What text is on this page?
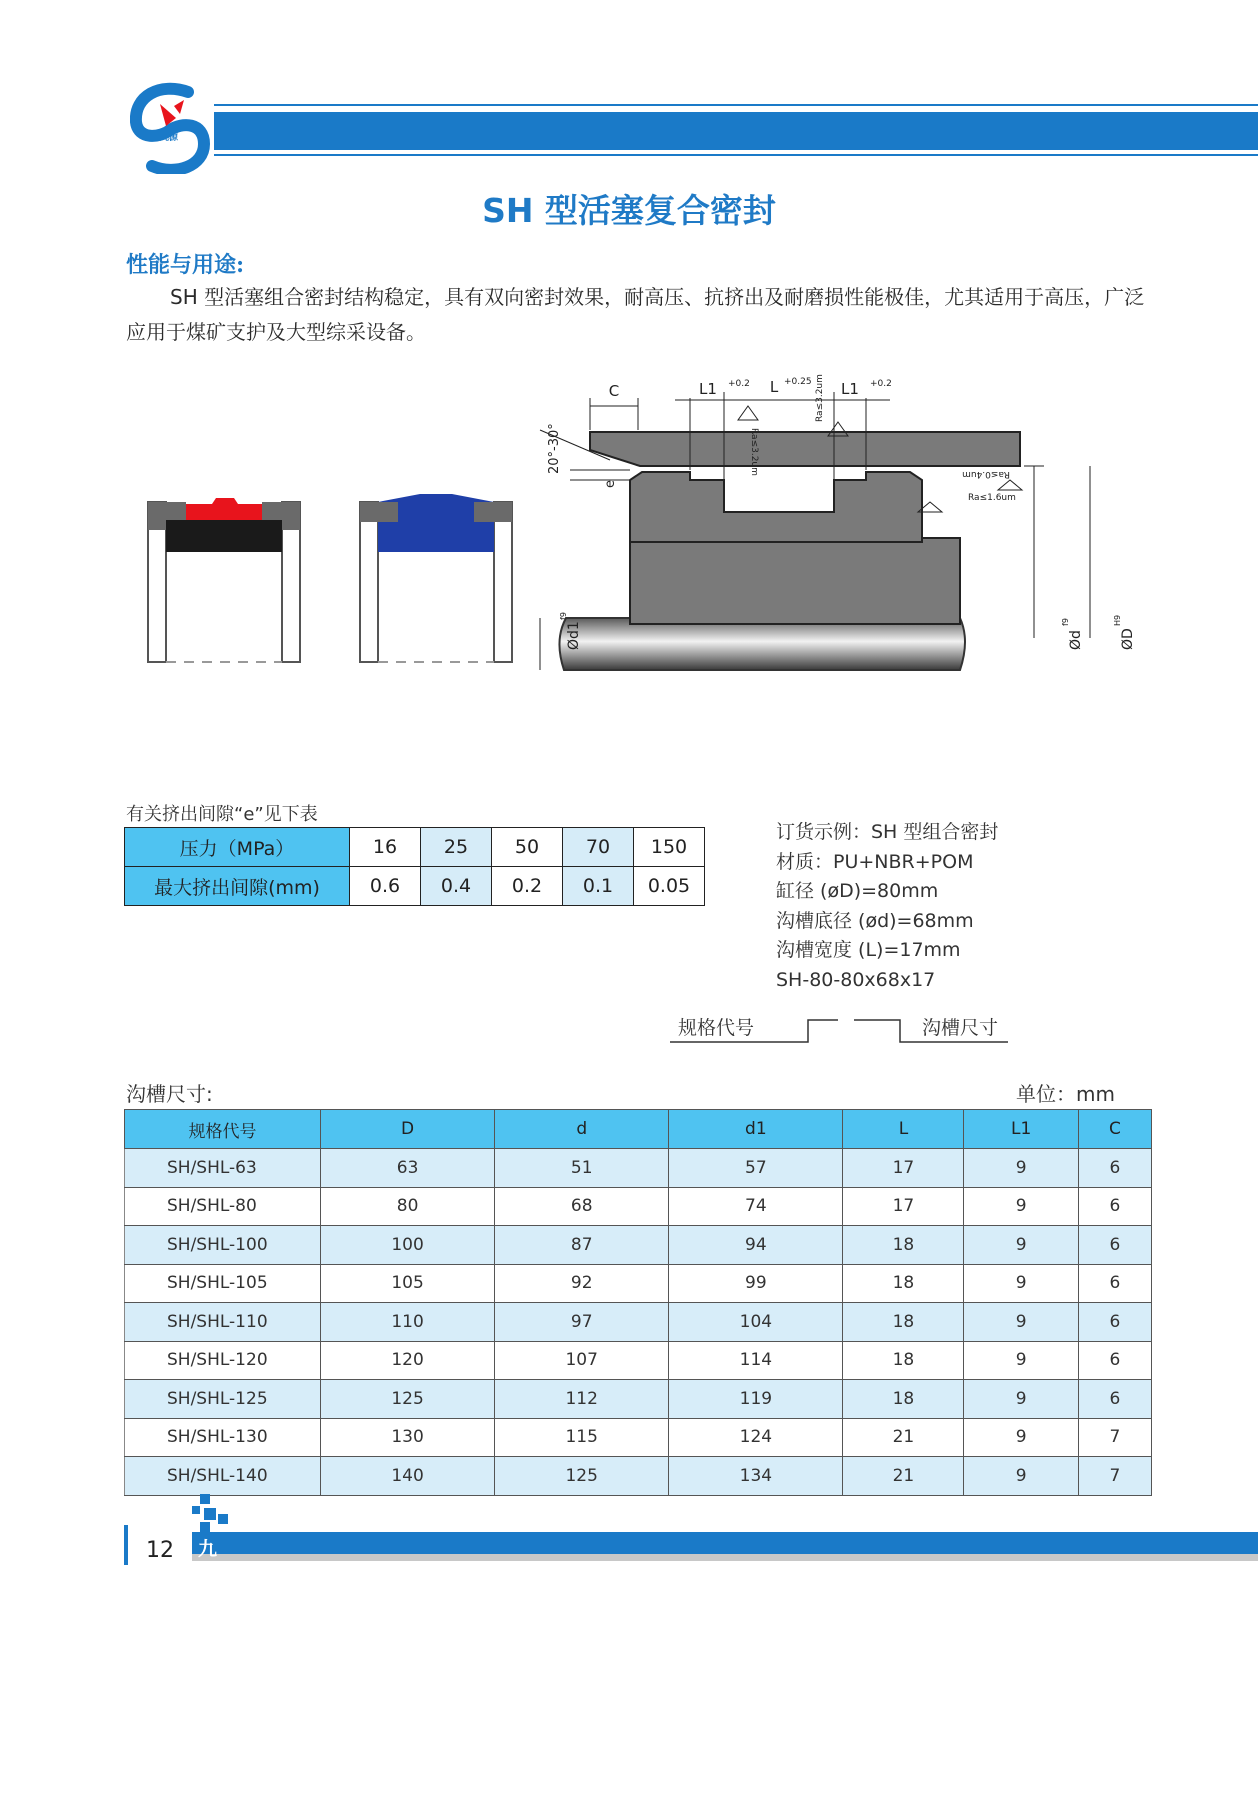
九源
SH 型活塞复合密封
性能与用途:
SH 型活塞组合密封结构稳定，具有双向密封效果，耐高压、抗挤出及耐磨损性能极佳，尤其适用于高压，广泛应用于煤矿支护及大型综采设备。
C	L1 +0.2 L +0.25 L1 +0.2
Ra≤3.2um
Ra≤3.2um
20°-30°
e
Ra≤0.4um
Ra≤1.6um
Ød1
f9
Ød
f9
ØD
H9
有关挤出间隙“e”见下表
压力（MPa）	16	25	50	70	150
最大挤出间隙(mm)	0.6	0.4	0.2	0.1	0.05
订货示例：SH 型组合密封
材质：PU+NBR+POM
缸径 (øD)=80mm
沟槽底径 (ød)=68mm
沟槽宽度 (L)=17mm
SH-80-80x68x17
规格代号	沟槽尺寸
沟槽尺寸:	单位：mm
规格代号	D	d	d1	L	L1	C
SH/SHL-63	63	51	57	17	9	6
SH/SHL-80	80	68	74	17	9	6
SH/SHL-100	100	87	94	18	9	6
SH/SHL-105	105	92	99	18	9	6
SH/SHL-110	110	97	104	18	9	6
SH/SHL-120	120	107	114	18	9	6
SH/SHL-125	125	112	119	18	9	6
SH/SHL-130	130	115	124	21	9	7
SH/SHL-140	140	125	134	21	9	7
12 九源密封科技有限公司
